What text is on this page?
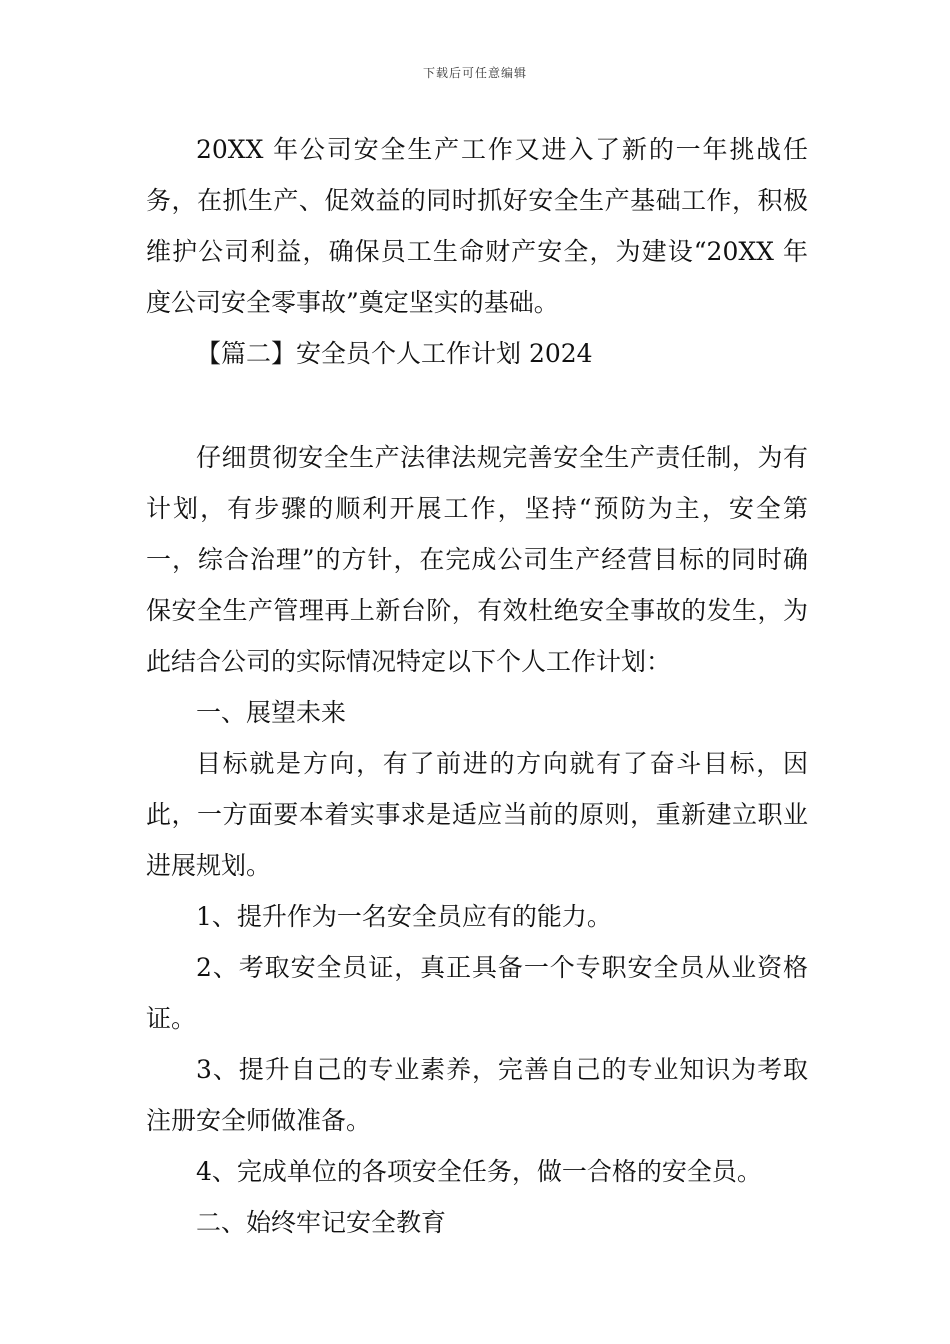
下载后可任意编辑

20XX 年公司安全生产工作又进入了新的一年挑战任务，在抓生产、促效益的同时抓好安全生产基础工作，积极维护公司利益，确保员工生命财产安全，为建设“20XX 年度公司安全零事故”奠定坚实的基础。

【篇二】安全员个人工作计划 2024

仔细贯彻安全生产法律法规完善安全生产责任制，为有计划，有步骤的顺利开展工作，坚持“预防为主，安全第一，综合治理”的方针，在完成公司生产经营目标的同时确保安全生产管理再上新台阶，有效杜绝安全事故的发生，为此结合公司的实际情况特定以下个人工作计划：

一、展望未来

目标就是方向，有了前进的方向就有了奋斗目标，因此，一方面要本着实事求是适应当前的原则，重新建立职业进展规划。

1、提升作为一名安全员应有的能力。

2、考取安全员证，真正具备一个专职安全员从业资格证。

3、提升自己的专业素养，完善自己的专业知识为考取注册安全师做准备。

4、完成单位的各项安全任务，做一合格的安全员。

二、始终牢记安全教育
